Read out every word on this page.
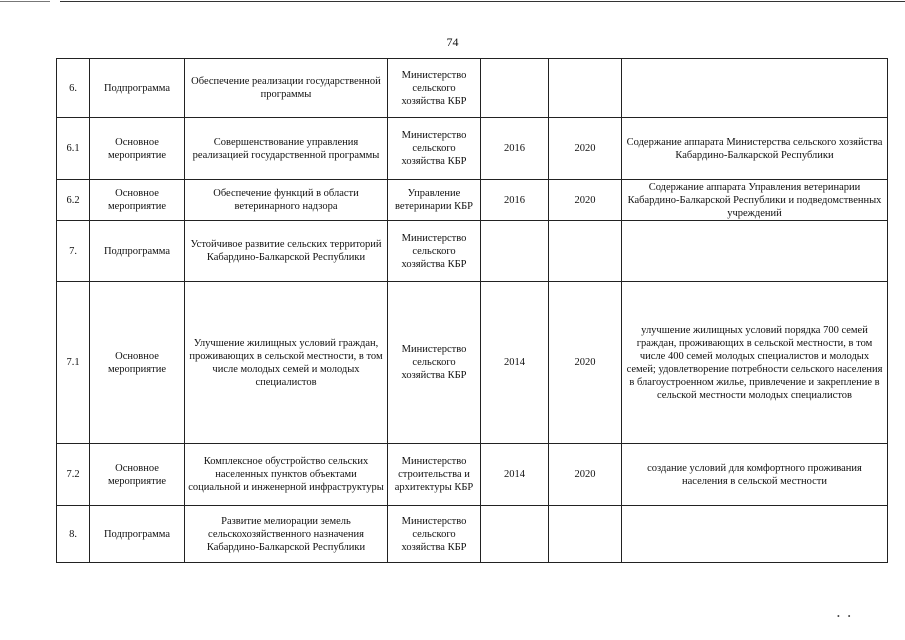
74
6.	Подпрограмма	Обеспечение реализации государственной программы	Министерство сельского хозяйства КБР			
6.1	Основное мероприятие	Совершенствование управления реализацией государственной программы	Министерство сельского хозяйства КБР	2016	2020	Содержание аппарата Министерства сельского хозяйства Кабардино-Балкарской Республики
6.2	Основное мероприятие	Обеспечение функций в области ветеринарного надзора	Управление ветеринарии КБР	2016	2020	Содержание аппарата Управления ветеринарии Кабардино-Балкарской Республики и подведомственных учреждений
7.	Подпрограмма	Устойчивое развитие сельских территорий Кабардино-Балкарской Республики	Министерство сельского хозяйства КБР			
7.1	Основное мероприятие	Улучшение жилищных условий граждан, проживающих в сельской местности, в том числе молодых семей и молодых специалистов	Министерство сельского хозяйства КБР	2014	2020	улучшение жилищных условий порядка 700 семей граждан, проживающих в сельской местности, в том числе 400 семей молодых специалистов и молодых семей; удовлетворение потребности сельского населения в благоустроенном жилье, привлечение и закрепление в сельской местности молодых специалистов
7.2	Основное мероприятие	Комплексное обустройство сельских населенных пунктов объектами социальной и инженерной инфраструктуры	Министерство строительства и архитектуры КБР	2014	2020	создание условий для комфортного проживания населения в сельской местности
8.	Подпрограмма	Развитие мелиорации земель сельскохозяйственного назначения Кабардино-Балкарской Республики	Министерство сельского хозяйства КБР			
• •
